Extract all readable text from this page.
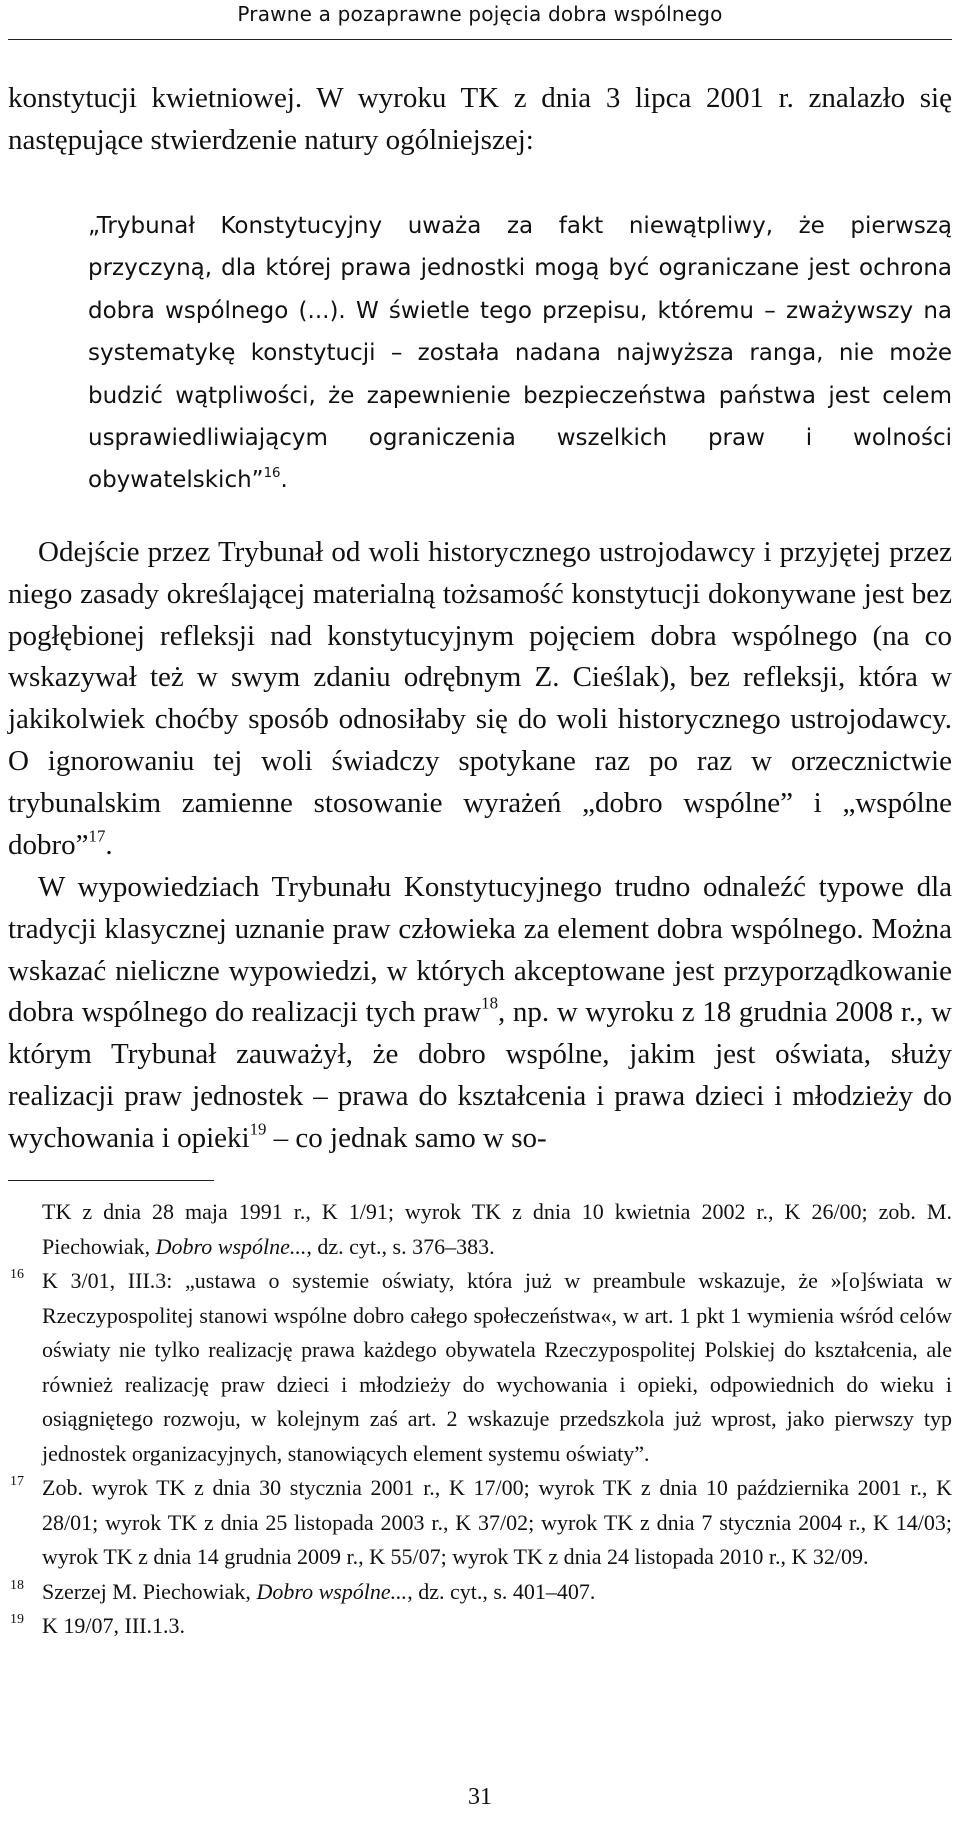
Prawne a pozaprawne pojęcia dobra wspólnego

konstytucji kwietniowej. W wyroku TK z dnia 3 lipca 2001 r. znalazło się następujące stwierdzenie natury ogólniejszej:

„Trybunał Konstytucyjny uważa za fakt niewątpliwy, że pierwszą przyczyną, dla której prawa jednostki mogą być ograniczane jest ochrona dobra wspólnego (...). W świetle tego przepisu, któremu – zważywszy na systematykę konstytucji – została nadana najwyższa ranga, nie może budzić wątpliwości, że zapewnienie bezpieczeństwa państwa jest celem usprawiedliwiającym ograniczenia wszelkich praw i wolności obywatelskich”$^{16}$.

Odejście przez Trybunał od woli historycznego ustrojodawcy i przyjętej przez niego zasady określającej materialną tożsamość konstytucji dokonywane jest bez pogłębionej refleksji nad konstytucyjnym pojęciem dobra wspólnego (na co wskazywał też w swym zdaniu odrębnym Z. Cieślak), bez refleksji, która w jakikolwiek choćby sposób odnosiłaby się do woli historycznego ustrojodawcy. O ignorowaniu tej woli świadczy spotykane raz po raz w orzecznictwie trybunalskim zamienne stosowanie wyrażeń „dobro wspólne” i „wspólne dobro”$^{17}$.

W wypowiedziach Trybunału Konstytucyjnego trudno odnaleźć typowe dla tradycji klasycznej uznanie praw człowieka za element dobra wspólnego. Można wskazać nieliczne wypowiedzi, w których akceptowane jest przyporządkowanie dobra wspólnego do realizacji tych praw$^{18}$, np. w wyroku z 18 grudnia 2008 r., w którym Trybunał zauważył, że dobro wspólne, jakim jest oświata, służy realizacji praw jednostek – prawa do kształcenia i prawa dzieci i młodzieży do wychowania i opieki$^{19}$ – co jednak samo w so-

TK z dnia 28 maja 1991 r., K 1/91; wyrok TK z dnia 10 kwietnia 2002 r., K 26/00; zob. M. Piechowiak, Dobro wspólne..., dz. cyt., s. 376–383.

16 K 3/01, III.3: „ustawa o systemie oświaty, która już w preambule wskazuje, że »[o]światа w Rzeczypospolitej stanowi wspólne dobro całego społeczeństwa«, w art. 1 pkt 1 wymienia wśród celów oświaty nie tylko realizację prawa każdego obywatela Rzeczypospolitej Polskiej do kształcenia, ale również realizację praw dzieci i młodzieży do wychowania i opieki, odpowiednich do wieku i osiągniętego rozwoju, w kolejnym zaś art. 2 wskazuje przedszkola już wprost, jako pierwszy typ jednostek organizacyjnych, stanowiących element systemu oświaty”.

17 Zob. wyrok TK z dnia 30 stycznia 2001 r., K 17/00; wyrok TK z dnia 10 października 2001 r., K 28/01; wyrok TK z dnia 25 listopada 2003 r., K 37/02; wyrok TK z dnia 7 stycznia 2004 r., K 14/03; wyrok TK z dnia 14 grudnia 2009 r., K 55/07; wyrok TK z dnia 24 listopada 2010 r., K 32/09.

18 Szerzej M. Piechowiak, Dobro wspólne..., dz. cyt., s. 401–407.

19 K 19/07, III.1.3.

31
